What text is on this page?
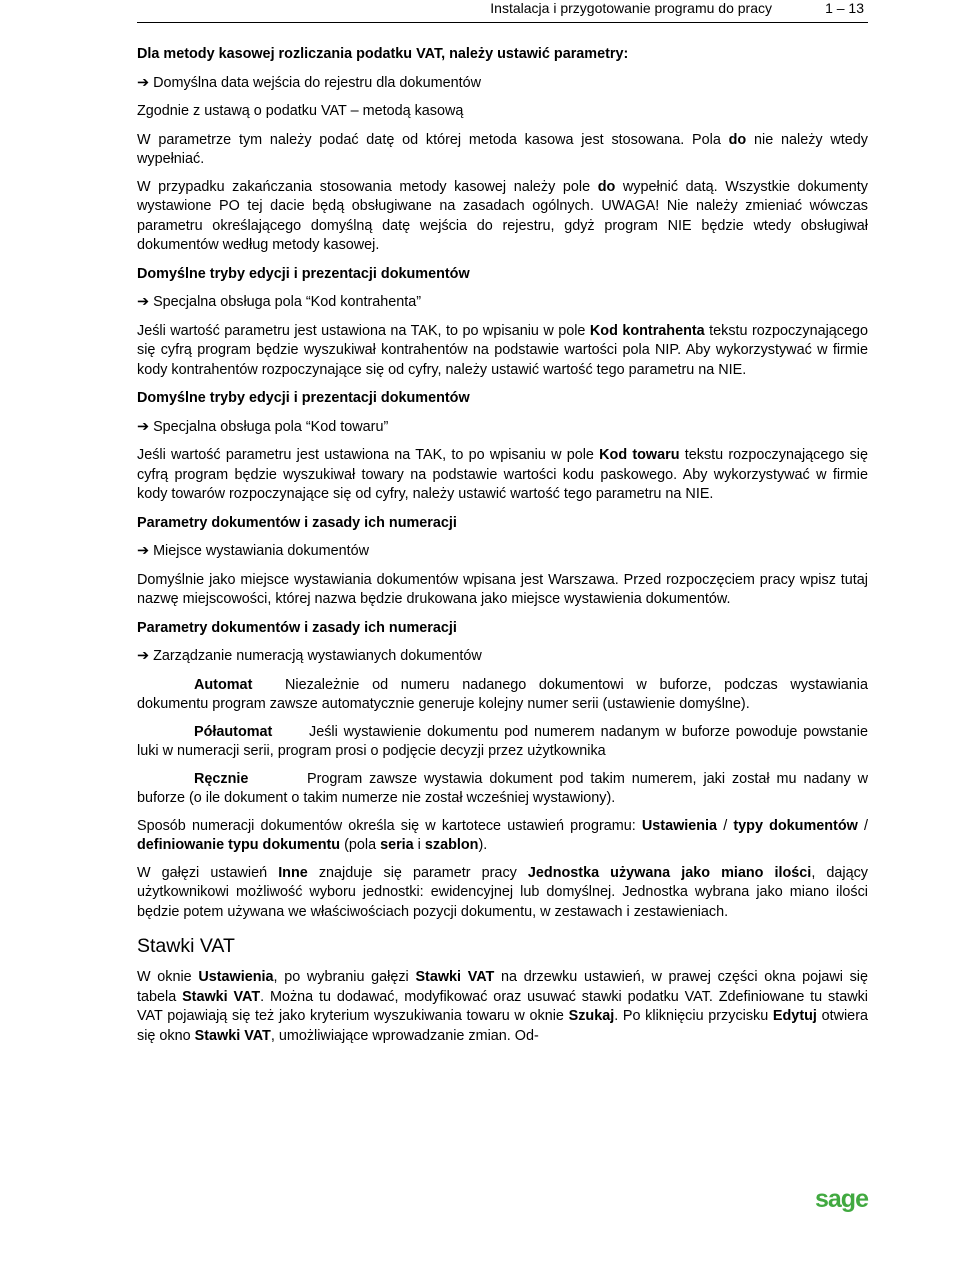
Instalacja i przygotowanie programu do pracy	1 – 13

Dla metody kasowej rozliczania podatku VAT, należy ustawić parametry:

➔ Domyślna data wejścia do rejestru dla dokumentów

Zgodnie z ustawą o podatku VAT – metodą kasową

W parametrze tym należy podać datę od której metoda kasowa jest stosowana. Pola do nie należy wtedy wypełniać.

W przypadku zakańczania stosowania metody kasowej należy pole do wypełnić datą. Wszystkie dokumenty wystawione PO tej dacie będą obsługiwane na zasadach ogólnych. UWAGA! Nie należy zmieniać wówczas parametru określającego domyślną datę wejścia do rejestru, gdyż program NIE będzie wtedy obsługiwał dokumentów według metody kasowej.

Domyślne tryby edycji i prezentacji dokumentów

➔ Specjalna obsługa pola “Kod kontrahenta”

Jeśli wartość parametru jest ustawiona na TAK, to po wpisaniu w pole Kod kontrahenta tekstu rozpoczynającego się cyfrą program będzie wyszukiwał kontrahentów na podstawie wartości pola NIP. Aby wykorzystywać w firmie kody kontrahentów rozpoczynające się od cyfry, należy ustawić wartość tego parametru na NIE.

Domyślne tryby edycji i prezentacji dokumentów

➔ Specjalna obsługa pola “Kod towaru”

Jeśli wartość parametru jest ustawiona na TAK, to po wpisaniu w pole Kod towaru tekstu rozpoczynającego się cyfrą program będzie wyszukiwał towary na podstawie wartości kodu paskowego. Aby wykorzystywać w firmie kody towarów rozpoczynające się od cyfry, należy ustawić wartość tego parametru na NIE.

Parametry dokumentów i zasady ich numeracji

➔ Miejsce wystawiania dokumentów

Domyślnie jako miejsce wystawiania dokumentów wpisana jest Warszawa. Przed rozpoczęciem pracy wpisz tutaj nazwę miejscowości, której nazwa będzie drukowana jako miejsce wystawienia dokumentów.

Parametry dokumentów i zasady ich numeracji

➔ Zarządzanie numeracją wystawianych dokumentów

Automat Niezależnie od numeru nadanego dokumentowi w buforze, podczas wystawiania dokumentu program zawsze automatycznie generuje kolejny numer serii (ustawienie domyślne).

Półautomat	Jeśli wystawienie dokumentu pod numerem nadanym w buforze powoduje powstanie luki w numeracji serii, program prosi o podjęcie decyzji przez użytkownika

Ręcznie	Program zawsze wystawia dokument pod takim numerem, jaki został mu nadany w buforze (o ile dokument o takim numerze nie został wcześniej wystawiony).

Sposób numeracji dokumentów określa się w kartotece ustawień programu: Ustawienia / typy dokumentów / definiowanie typu dokumentu (pola seria i szablon).

W gałęzi ustawień Inne znajduje się parametr pracy Jednostka używana jako miano ilości, dający użytkownikowi możliwość wyboru jednostki: ewidencyjnej lub domyślnej. Jednostka wybrana jako miano ilości będzie potem używana we właściwościach pozycji dokumentu, w zestawach i zestawieniach.

Stawki VAT

W oknie Ustawienia, po wybraniu gałęzi Stawki VAT na drzewku ustawień, w prawej części okna pojawi się tabela Stawki VAT. Można tu dodawać, modyfikować oraz usuwać stawki podatku VAT. Zdefiniowane tu stawki VAT pojawiają się też jako kryterium wyszukiwania towaru w oknie Szukaj. Po kliknięciu przycisku Edytuj otwiera się okno Stawki VAT, umożliwiające wprowadzanie zmian. Od-

sage
